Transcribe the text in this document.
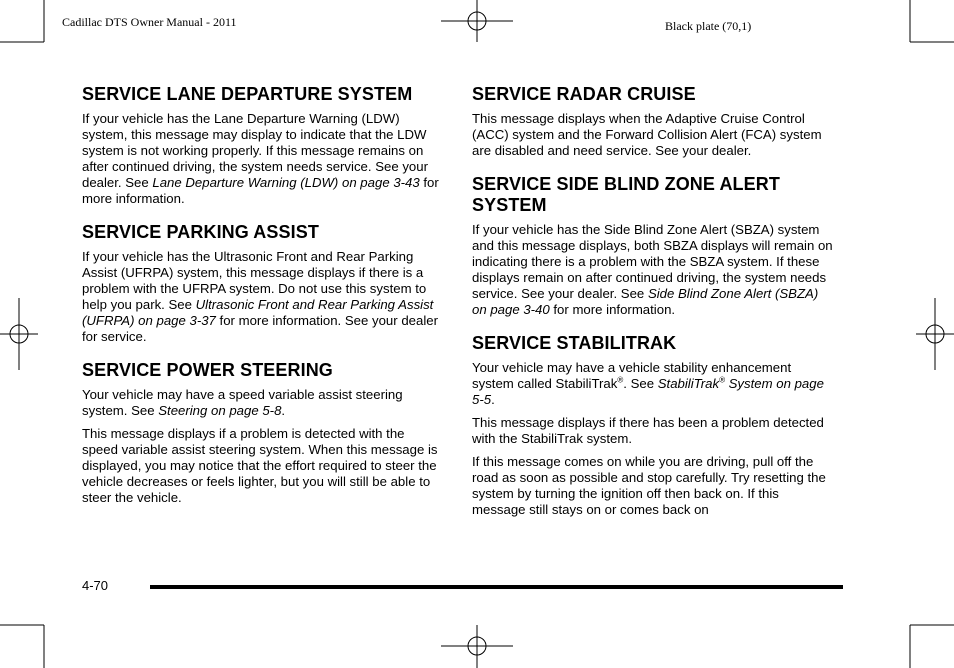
Cadillac DTS Owner Manual - 2011	Black plate (70,1)
SERVICE LANE DEPARTURE SYSTEM

If your vehicle has the Lane Departure Warning (LDW) system, this message may display to indicate that the LDW system is not working properly. If this message remains on after continued driving, the system needs service. See your dealer. See Lane Departure Warning (LDW) on page 3‑43 for more information.

SERVICE PARKING ASSIST

If your vehicle has the Ultrasonic Front and Rear Parking Assist (UFRPA) system, this message displays if there is a problem with the UFRPA system. Do not use this system to help you park. See Ultrasonic Front and Rear Parking Assist (UFRPA) on page 3‑37 for more information. See your dealer for service.

SERVICE POWER STEERING

Your vehicle may have a speed variable assist steering system. See Steering on page 5‑8.

This message displays if a problem is detected with the speed variable assist steering system. When this message is displayed, you may notice that the effort required to steer the vehicle decreases or feels lighter, but you will still be able to steer the vehicle.

SERVICE RADAR CRUISE

This message displays when the Adaptive Cruise Control (ACC) system and the Forward Collision Alert (FCA) system are disabled and need service. See your dealer.

SERVICE SIDE BLIND ZONE ALERT SYSTEM

If your vehicle has the Side Blind Zone Alert (SBZA) system and this message displays, both SBZA displays will remain on indicating there is a problem with the SBZA system. If these displays remain on after continued driving, the system needs service. See your dealer. See Side Blind Zone Alert (SBZA) on page 3‑40 for more information.

SERVICE STABILITRAK

Your vehicle may have a vehicle stability enhancement system called StabiliTrak®. See StabiliTrak® System on page 5‑5.

This message displays if there has been a problem detected with the StabiliTrak system.

If this message comes on while you are driving, pull off the road as soon as possible and stop carefully. Try resetting the system by turning the ignition off then back on. If this message still stays on or comes back on

4-70
